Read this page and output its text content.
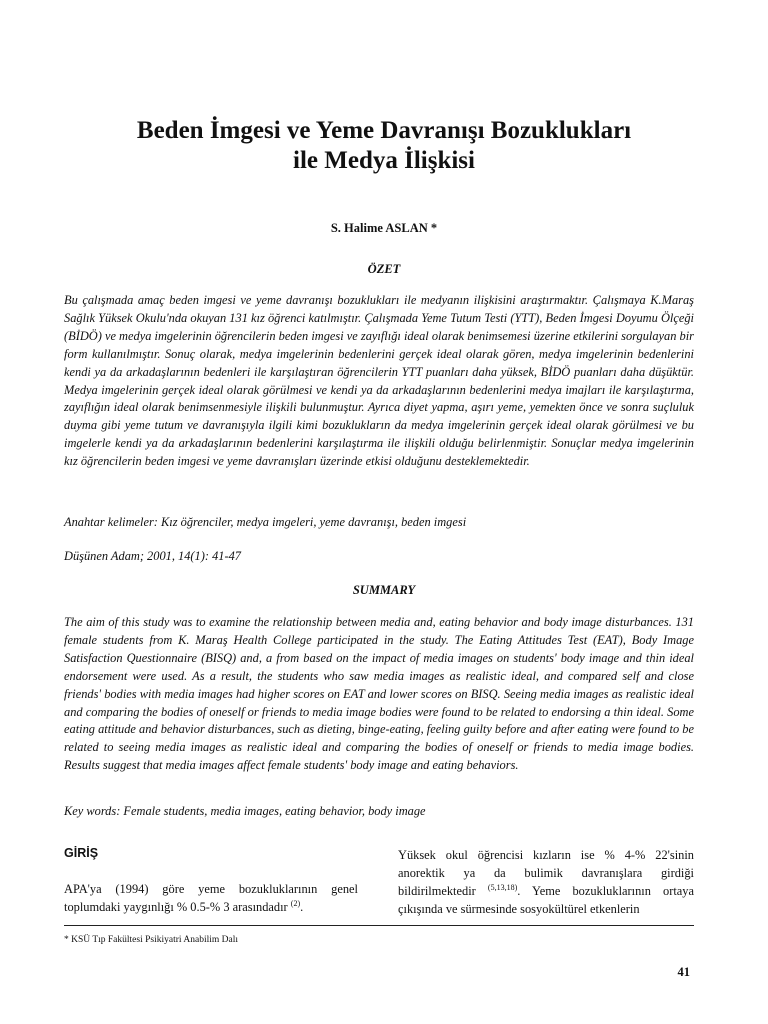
Beden İmgesi ve Yeme Davranışı Bozuklukları
ile Medya İlişkisi

S. Halime ASLAN *

ÖZET

Bu çalışmada amaç beden imgesi ve yeme davranışı bozuklukları ile medyanın ilişkisini araştırmaktır. Çalışmaya K.Maraş Sağlık Yüksek Okulu'nda okuyan 131 kız öğrenci katılmıştır. Çalışmada Yeme Tutum Testi (YTT), Beden İmgesi Doyumu Ölçeği (BİDÖ) ve medya imgelerinin öğrencilerin beden imgesi ve zayıflığı ideal olarak benimsemesi üzerine etkilerini sorgulayan bir form kullanılmıştır. Sonuç olarak, medya imgelerinin bedenlerini gerçek ideal olarak gören, medya imgelerinin bedenlerini kendi ya da arkadaşlarının bedenleri ile karşılaştıran öğrencilerin YTT puanları daha yüksek, BİDÖ puanları daha düşüktür. Medya imgelerinin gerçek ideal olarak görülmesi ve kendi ya da arkadaşlarının bedenlerini medya imajları ile karşılaştırma, zayıflığın ideal olarak benimsenmesiyle ilişkili bulunmuştur. Ayrıca diyet yapma, aşırı yeme, yemekten önce ve sonra suçluluk duyma gibi yeme tutum ve davranışıyla ilgili kimi bozuklukların da medya imgelerinin gerçek ideal olarak görülmesi ve bu imgelerle kendi ya da arkadaşlarının bedenlerini karşılaştırma ile ilişkili olduğu belirlenmiştir. Sonuçlar medya imgelerinin kız öğrencilerin beden imgesi ve yeme davranışları üzerinde etkisi olduğunu desteklemektedir.

Anahtar kelimeler: Kız öğrenciler, medya imgeleri, yeme davranışı, beden imgesi

Düşünen Adam; 2001, 14(1): 41-47

SUMMARY

The aim of this study was to examine the relationship between media and, eating behavior and body image disturbances. 131 female students from K. Maraş Health College participated in the study. The Eating Attitudes Test (EAT), Body Image Satisfaction Questionnaire (BISQ) and, a from based on the impact of media images on students' body image and thin ideal endorsement were used. As a result, the students who saw media images as realistic ideal, and compared self and close friends' bodies with media images had higher scores on EAT and lower scores on BISQ. Seeing media images as realistic ideal and comparing the bodies of oneself or friends to media image bodies were found to be related to endorsing a thin ideal. Some eating attitude and behavior disturbances, such as dieting, binge-eating, feeling guilty before and after eating were found to be related to seeing media images as realistic ideal and comparing the bodies of oneself or friends to media image bodies. Results suggest that media images affect female students' body image and eating behaviors.

Key words: Female students, media images, eating behavior, body image

GİRİŞ

APA'ya (1994) göre yeme bozukluklarının genel toplumdaki yaygınlığı % 0.5-% 3 arasındadır $^{(2)}$.

Yüksek okul öğrencisi kızların ise % 4-% 22'sinin anorektik ya da bulimik davranışlara girdiği bildirilmektedir $^{(5,13,18)}$. Yeme bozukluklarının ortaya çıkışında ve sürmesinde sosyokültürel etkenlerin

* KSÜ Tıp Fakültesi Psikiyatri Anabilim Dalı

41
